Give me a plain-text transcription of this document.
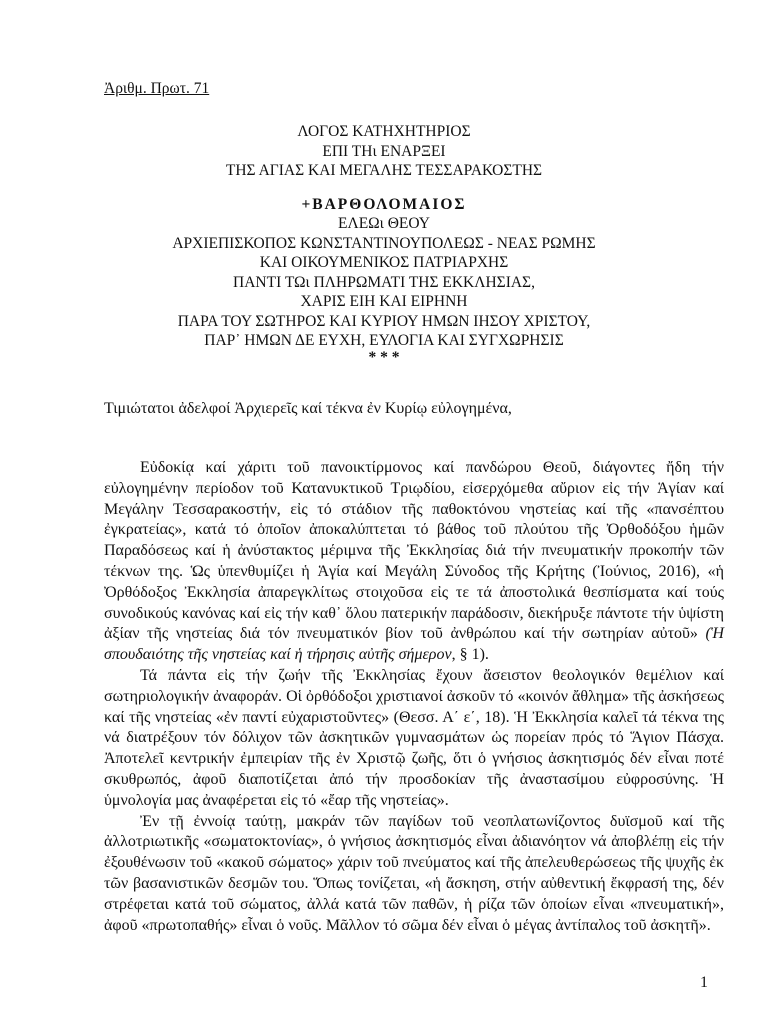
Ἀριθμ. Πρωτ. 71
ΛΟΓΟΣ ΚΑΤΗΧΗΤΗΡΙΟΣ
ΕΠΙ ΤΗι ΕΝΑΡΞΕΙ
ΤΗΣ ΑΓΙΑΣ ΚΑΙ ΜΕΓΑΛΗΣ ΤΕΣΣΑΡΑΚΟΣΤΗΣ
+ΒΑΡΘΟΛΟΜΑΙΟΣ
ΕΛΕΩι ΘΕΟΥ
ΑΡΧΙΕΠΙΣΚΟΠΟΣ ΚΩΝΣΤΑΝΤΙΝΟΥΠΟΛΕΩΣ - ΝΕΑΣ ΡΩΜΗΣ
ΚΑΙ ΟΙΚΟΥΜΕΝΙΚΟΣ ΠΑΤΡΙΑΡΧΗΣ
ΠΑΝΤΙ ΤΩι ΠΛΗΡΩΜΑΤΙ ΤΗΣ ΕΚΚΛΗΣΙΑΣ,
ΧΑΡΙΣ ΕΙΗ ΚΑΙ ΕΙΡΗΝΗ
ΠΑΡΑ ΤΟΥ ΣΩΤΗΡΟΣ ΚΑΙ ΚΥΡΙΟΥ ΗΜΩΝ ΙΗΣΟΥ ΧΡΙΣΤΟΥ,
ΠΑΡ᾽ ΗΜΩΝ ΔΕ ΕΥΧΗ, ΕΥΛΟΓΙΑ ΚΑΙ ΣΥΓΧΩΡΗΣΙΣ
* * *
Τιμιώτατοι ἀδελφοί Ἀρχιερεῖς καί τέκνα ἐν Κυρίῳ εὐλογημένα,

Εὐδοκίᾳ καί χάριτι τοῦ πανοικτίρμονος καί πανδώρου Θεοῦ, διάγοντες ἤδη τήν εὐλογημένην περίοδον τοῦ Κατανυκτικοῦ Τριῳδίου, εἰσερχόμεθα αὔριον εἰς τήν Ἁγίαν καί Μεγάλην Τεσσαρακοστήν, εἰς τό στάδιον τῆς παθοκτόνου νηστείας καί τῆς «πανσέπτου ἐγκρατείας», κατά τό ὁποῖον ἀποκαλύπτεται τό βάθος τοῦ πλούτου τῆς Ὀρθοδόξου ἡμῶν Παραδόσεως καί ἡ ἀνύστακτος μέριμνα τῆς Ἐκκλησίας διά τήν πνευματικήν προκοπήν τῶν τέκνων της. Ὡς ὑπενθυμίζει ἡ Ἁγία καί Μεγάλη Σύνοδος τῆς Κρήτης (Ἰούνιος, 2016), «ἡ Ὀρθόδοξος Ἐκκλησία ἀπαρεγκλίτως στοιχοῦσα εἰς τε τά ἀποστολικά θεσπίσματα καί τούς συνοδικούς κανόνας καί εἰς τήν καθ᾽ ὅλου πατερικήν παράδοσιν, διεκήρυξε πάντοτε τήν ὑψίστη ἀξίαν τῆς νηστείας διά τόν πνευματικόν βίον τοῦ ἀνθρώπου καί τήν σωτηρίαν αὐτοῦ» (Ἡ σπουδαιότης τῆς νηστείας καί ἡ τήρησις αὐτῆς σήμερον, § 1).

Τά πάντα εἰς τήν ζωήν τῆς Ἐκκλησίας ἔχουν ἄσειστον θεολογικόν θεμέλιον καί σωτηριολογικήν ἀναφοράν. Οἱ ὀρθόδοξοι χριστιανοί ἀσκοῦν τό «κοινόν ἄθλημα» τῆς ἀσκήσεως καί τῆς νηστείας «ἐν παντί εὐχαριστοῦντες» (Θεσσ. Α΄ ε΄, 18). Ἡ Ἐκκλησία καλεῖ τά τέκνα της νά διατρέξουν τόν δόλιχον τῶν ἀσκητικῶν γυμνασμάτων ὡς πορείαν πρός τό Ἅγιον Πάσχα. Ἀποτελεῖ κεντρικήν ἐμπειρίαν τῆς ἐν Χριστῷ ζωῆς, ὅτι ὁ γνήσιος ἀσκητισμός δέν εἶναι ποτέ σκυθρωπός, ἀφοῦ διαποτίζεται ἀπό τήν προσδοκίαν τῆς ἀναστασίμου εὐφροσύνης. Ἡ ὑμνολογία μας ἀναφέρεται εἰς τό «ἔαρ τῆς νηστείας».

Ἐν τῇ ἐννοίᾳ ταύτῃ, μακράν τῶν παγίδων τοῦ νεοπλατωνίζοντος δυϊσμοῦ καί τῆς ἀλλοτριωτικῆς «σωματοκτονίας», ὁ γνήσιος ἀσκητισμός εἶναι ἀδιανόητον νά ἀποβλέπῃ εἰς τήν ἐξουθένωσιν τοῦ «κακοῦ σώματος» χάριν τοῦ πνεύματος καί τῆς ἀπελευθερώσεως τῆς ψυχῆς ἐκ τῶν βασανιστικῶν δεσμῶν του. Ὅπως τονίζεται, «ἡ ἄσκηση, στήν αὐθεντική ἔκφρασή της, δέν στρέφεται κατά τοῦ σώματος, ἀλλά κατά τῶν παθῶν, ἡ ρίζα τῶν ὁποίων εἶναι «πνευματική», ἀφοῦ «πρωτοπαθής» εἶναι ὁ νοῦς. Μᾶλλον τό σῶμα δέν εἶναι ὁ μέγας ἀντίπαλος τοῦ ἀσκητῆ».

1
